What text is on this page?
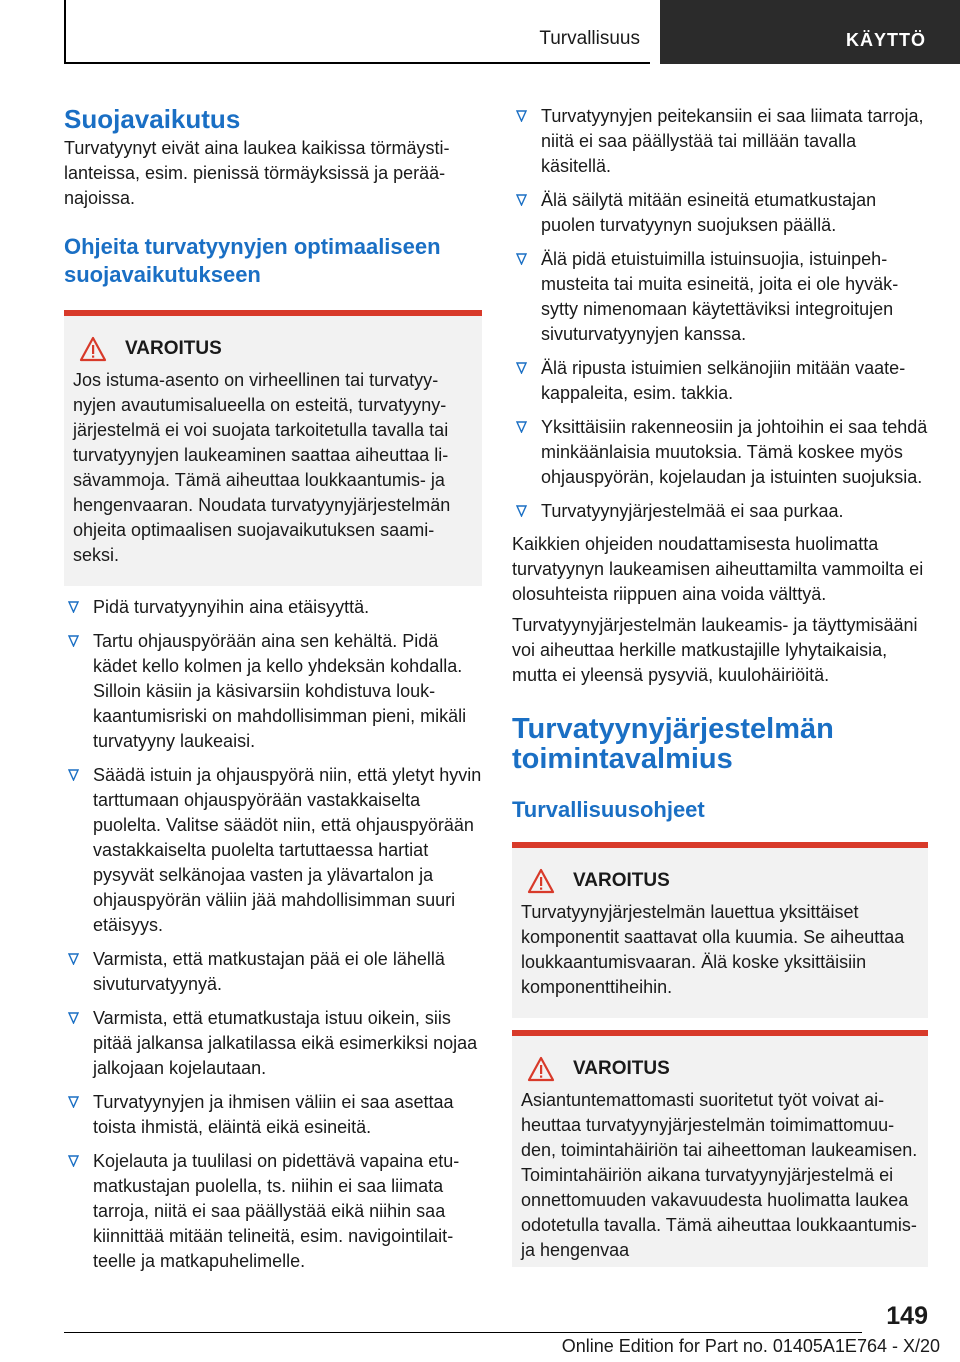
Turvallisuus	KÄYTTÖ
Suojavaikutus

Turvatyynyt eivät aina laukea kaikissa törmäystilanteissa, esim. pienissä törmäyksissä ja peräänajoissa.

Ohjeita turvatyynyjen optimaaliseen suojavaikutukseen
VAROITUS
Jos istuma-asento on virheellinen tai turvatyynyjen avautumisalueella on esteitä, turvatyynyjärjestelmä ei voi suojata tarkoitetulla tavalla tai turvatyynyjen laukeaminen saattaa aiheuttaa lisävammoja. Tämä aiheuttaa loukkaantumis- ja hengenvaaran. Noudata turvatyynyjärjestelmän ohjeita optimaalisen suojavaikutuksen saamiseksi.
Pidä turvatyynyihin aina etäisyyttä.
Tartu ohjauspyörään aina sen kehältä. Pidä kädet kello kolmen ja kello yhdeksän kohdalla. Silloin käsiin ja käsivarsiin kohdistuva loukkaantumisriski on mahdollisimman pieni, mikäli turvatyyny laukeaisi.
Säädä istuin ja ohjauspyörä niin, että yletyt hyvin tarttumaan ohjauspyörään vastakkaiselta puolelta. Valitse säädöt niin, että ohjauspyörään vastakkaiselta puolelta tartuttaessa hartiat pysyvät selkänojaa vasten ja ylävartalon ja ohjauspyörän väliin jää mahdollisimman suuri etäisyys.
Varmista, että matkustajan pää ei ole lähellä sivuturvatyynyä.
Varmista, että etumatkustaja istuu oikein, siis pitää jalkansa jalkatilassa eikä esimerkiksi nojaa jalkojaan kojelautaan.
Turvatyynyjen ja ihmisen väliin ei saa asettaa toista ihmistä, eläintä eikä esineitä.
Kojelauta ja tuulilasi on pidettävä vapaina etumatkustajan puolella, ts. niihin ei saa liimata tarroja, niitä ei saa päällystää eikä niihin saa kiinnittää mitään telineitä, esim. navigointilaitteelle ja matkapuhelimelle.
Turvatyynyjen peitekansiin ei saa liimata tarroja, niitä ei saa päällystää tai millään tavalla käsitellä.
Älä säilytä mitään esineitä etumatkustajan puolen turvatyynyn suojuksen päällä.
Älä pidä etuistuimilla istuinsuojia, istuinpehmusteita tai muita esineitä, joita ei ole hyväksytty nimenomaan käytettäviksi integroitujen sivuturvatyynyjen kanssa.
Älä ripusta istuimien selkänojiin mitään vaatekappaleita, esim. takkia.
Yksittäisiin rakenneosiin ja johtoihin ei saa tehdä minkäänlaisia muutoksia. Tämä koskee myös ohjauspyörän, kojelaudan ja istuinten suojuksia.
Turvatyynyjärjestelmää ei saa purkaa.

Kaikkien ohjeiden noudattamisesta huolimatta turvatyynyn laukeamisen aiheuttamilta vammoilta ei olosuhteista riippuen aina voida välttyä.

Turvatyynyjärjestelmän laukeamis- ja täyttymisääni voi aiheuttaa herkille matkustajille lyhytaikaisia, mutta ei yleensä pysyviä, kuulohäiriöitä.

Turvatyynyjärjestelmän toimintavalmius
Turvallisuusohjeet
VAROITUS
Turvatyynyjärjestelmän lauettua yksittäiset komponentit saattavat olla kuumia. Se aiheuttaa loukkaantumisvaaran. Älä koske yksittäisiin komponenttiheihin.
VAROITUS
Asiantuntemattomasti suoritetut työt voivat aiheuttaa turvatyynyjärjestelmän toimimattomuuden, toimintahäiriön tai aiheettoman laukeamisen. Toimintahäiriön aikana turvatyynyjärjestelmä ei onnettomuuden vakavuudesta huolimatta laukea odotetulla tavalla. Tämä aiheuttaa loukkaantumis- ja hengenvaa
149
Online Edition for Part no. 01405A1E764 - X/20
